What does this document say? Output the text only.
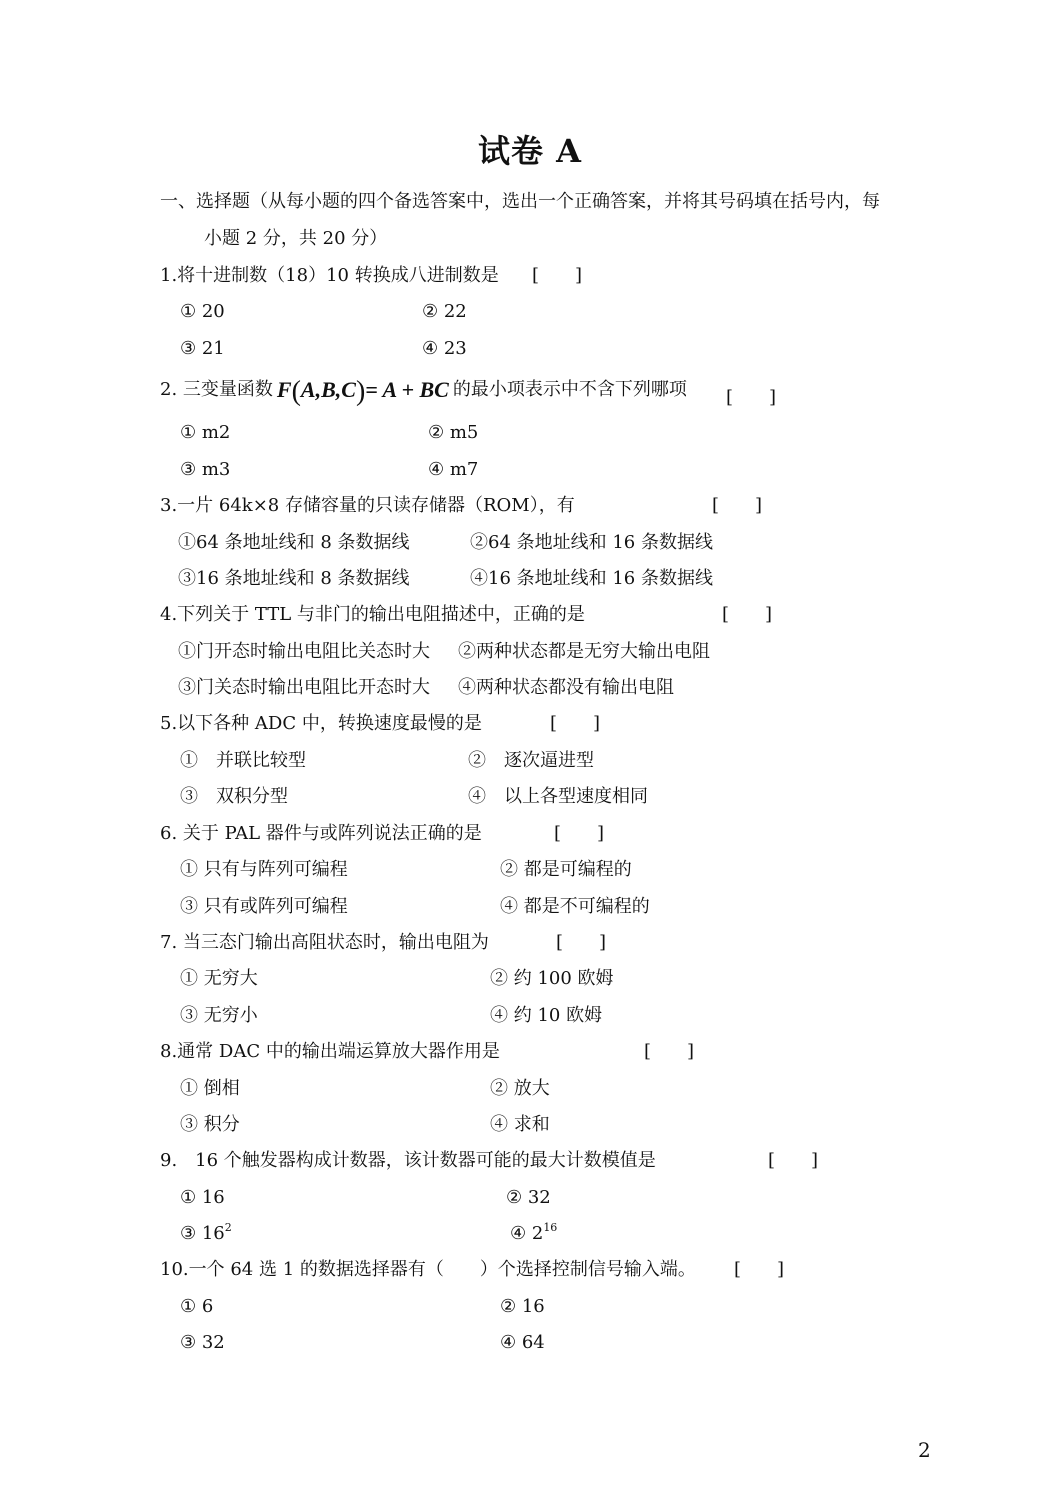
试卷 A
一、选择题（从每小题的四个备选答案中，选出一个正确答案，并将其号码填在括号内，每
小题 2 分，共 20 分）
1.将十进制数（18）10 转换成八进制数是 [　　]
① 20	② 22
③ 21	④ 23
2. 三变量函数 F(A,B,C)= A + BC 的最小项表示中不含下列哪项 [　　]
① m2	② m5
③ m3	④ m7
3.一片 64k×8 存储容量的只读存储器（ROM），有	[　　]
①64 条地址线和 8 条数据线	②64 条地址线和 16 条数据线
③16 条地址线和 8 条数据线	④16 条地址线和 16 条数据线
4.下列关于 TTL 与非门的输出电阻描述中，正确的是	[　　]
①门开态时输出电阻比关态时大 ②两种状态都是无穷大输出电阻
③门关态时输出电阻比开态时大 ④两种状态都没有输出电阻
5.以下各种 ADC 中，转换速度最慢的是	[　　]
①　并联比较型	②　逐次逼进型
③　双积分型	④　以上各型速度相同
6. 关于 PAL 器件与或阵列说法正确的是	[　　]
① 只有与阵列可编程	② 都是可编程的
③ 只有或阵列可编程	④ 都是不可编程的
7. 当三态门输出高阻状态时，输出电阻为	[　　]
① 无穷大	② 约 100 欧姆
③ 无穷小	④ 约 10 欧姆
8.通常 DAC 中的输出端运算放大器作用是	[　　]
① 倒相	② 放大
③ 积分	④ 求和
9.　16 个触发器构成计数器，该计数器可能的最大计数模值是	[　　]
① 16	② 32
③ $16^2$	④ $2^{16}$
10.一个 64 选 1 的数据选择器有（　　）个选择控制信号输入端。 [　　]
① 6	② 16
③ 32	④ 64
2
